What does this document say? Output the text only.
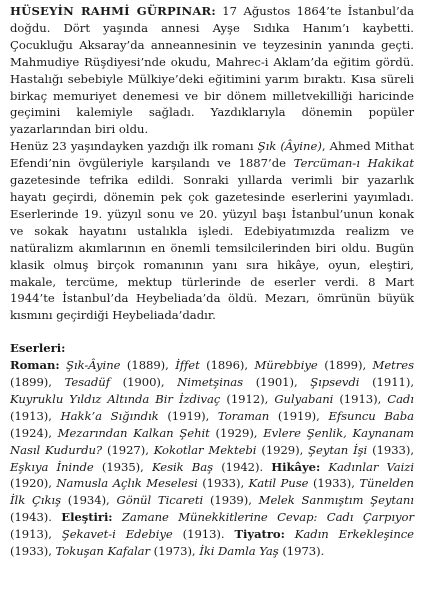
HÜSEYİN RAHMİ GÜRPINAR: 17 Ağustos 1864’te İstanbul’da doğdu. Dört yaşında annesi Ayşe Sıdıka Hanım’ı kaybetti. Çocukluğu Aksaray’da anneannesinin ve teyzesinin yanında geçti. Mahmudiye Rüşdiyesi’nde okudu, Mahrec-i Aklam’da eğitim gördü. Hastalığı sebebiyle Mülkiye’deki eğitimini yarım bıraktı. Kısa süreli birkaç memuriyet denemesi ve bir dönem milletvekilliği haricinde geçimini kalemiyle sağladı. Yazdıklarıyla dönemin popüler yazarlarından biri oldu.

Henüz 23 yaşındayken yazdığı ilk romanı Şık (Âyine), Ahmed Mithat Efendi’nin övgüleriyle karşılandı ve 1887’de Tercüman-ı Hakikat gazetesinde tefrika edildi. Sonraki yıllarda verimli bir yazarlık hayatı geçirdi, dönemin pek çok gazetesinde eserlerini yayımladı. Eserlerinde 19. yüzyıl sonu ve 20. yüzyıl başı İstanbul’unun konak ve sokak hayatını ustalıkla işledi. Edebiyatımızda realizm ve natüralizm akımlarının en önemli temsilcilerinden biri oldu. Bugün klasik olmuş birçok romanının yanı sıra hikâye, oyun, eleştiri, makale, tercüme, mektup türlerinde de eserler verdi. 8 Mart 1944’te İstanbul’da Heybeliada’da öldü. Mezarı, ömrünün büyük kısmını geçirdiği Heybeliada’dadır.

Eserleri:

Roman: Şık-Âyine (1889), İffet (1896), Mürebbiye (1899), Metres (1899), Tesadüf (1900), Nimetşinas (1901), Şıpsevdi (1911), Kuyruklu Yıldız Altında Bir İzdivaç (1912), Gulyabani (1913), Cadı (1913), Hakk’a Sığındık (1919), Toraman (1919), Efsuncu Baba (1924), Mezarından Kalkan Şehit (1929), Evlere Şenlik, Kaynanam Nasıl Kudurdu? (1927), Kokotlar Mektebi (1929), Şeytan İşi (1933), Eşkıya İninde (1935), Kesik Baş (1942). Hikâye: Kadınlar Vaizi (1920), Namusla Açlık Meselesi (1933), Katil Puse (1933), Tünelden İlk Çıkış (1934), Gönül Ticareti (1939), Melek Sanmıştım Şeytanı (1943). Eleştiri: Zamane Münekkitlerine Cevap: Cadı Çarpıyor (1913), Şekavet-i Edebiye (1913). Tiyatro: Kadın Erkekleşince (1933), Tokuşan Kafalar (1973), İki Damla Yaş (1973).
